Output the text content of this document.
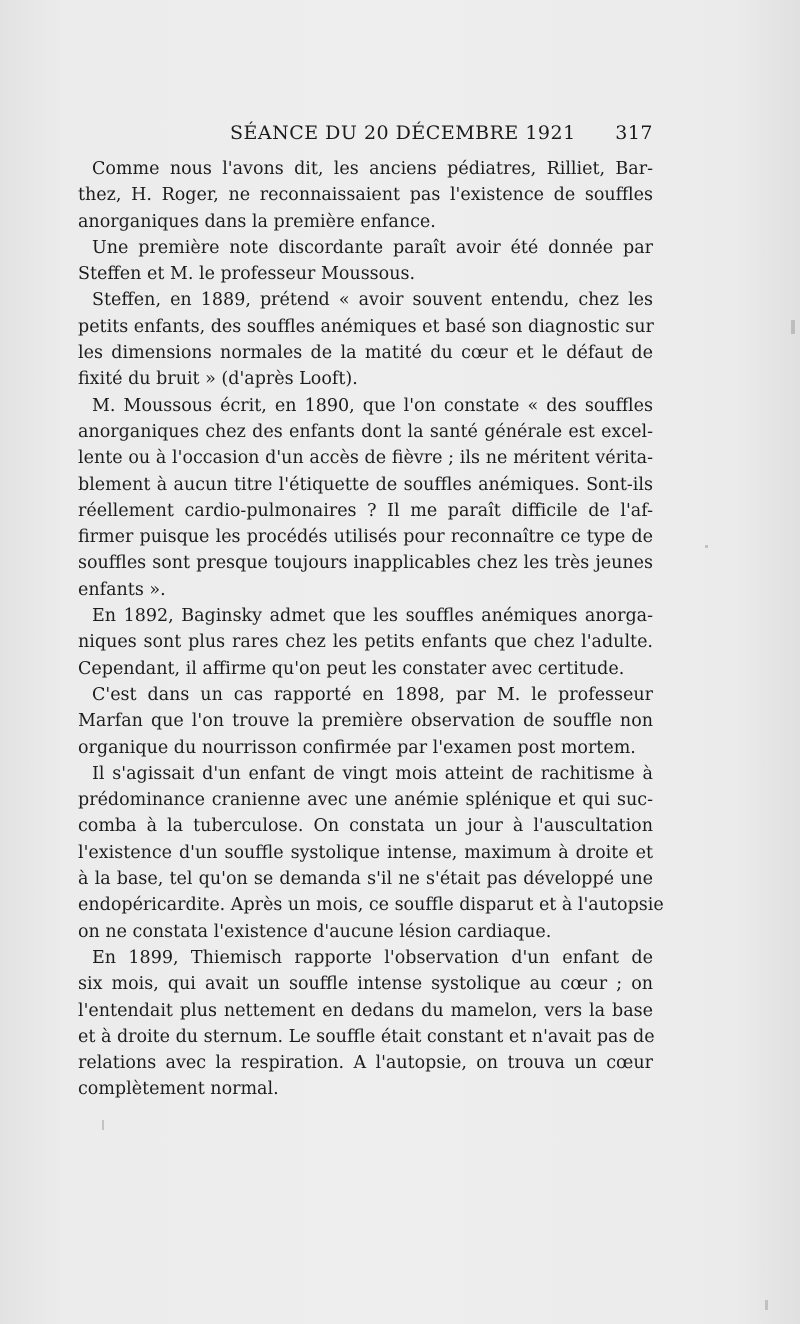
SÉANCE DU 20 DÉCEMBRE 1921 317
Comme nous l'avons dit, les anciens pédiatres, Rilliet, Bar-
thez, H. Roger, ne reconnaissaient pas l'existence de souffles
anorganiques dans la première enfance.
Une première note discordante paraît avoir été donnée par
Steffen et M. le professeur Moussous.
Steffen, en 1889, prétend « avoir souvent entendu, chez les
petits enfants, des souffles anémiques et basé son diagnostic sur
les dimensions normales de la matité du cœur et le défaut de
fixité du bruit » (d'après Looft).
M. Moussous écrit, en 1890, que l'on constate « des souffles
anorganiques chez des enfants dont la santé générale est excel-
lente ou à l'occasion d'un accès de fièvre ; ils ne méritent vérita-
blement à aucun titre l'étiquette de souffles anémiques. Sont-ils
réellement cardio-pulmonaires ? Il me paraît difficile de l'af-
firmer puisque les procédés utilisés pour reconnaître ce type de
souffles sont presque toujours inapplicables chez les très jeunes
enfants ».
En 1892, Baginsky admet que les souffles anémiques anorga-
niques sont plus rares chez les petits enfants que chez l'adulte.
Cependant, il affirme qu'on peut les constater avec certitude.
C'est dans un cas rapporté en 1898, par M. le professeur
Marfan que l'on trouve la première observation de souffle non
organique du nourrisson confirmée par l'examen post mortem.
Il s'agissait d'un enfant de vingt mois atteint de rachitisme à
prédominance cranienne avec une anémie splénique et qui suc-
comba à la tuberculose. On constata un jour à l'auscultation
l'existence d'un souffle systolique intense, maximum à droite et
à la base, tel qu'on se demanda s'il ne s'était pas développé une
endopéricardite. Après un mois, ce souffle disparut et à l'autopsie
on ne constata l'existence d'aucune lésion cardiaque.
En 1899, Thiemisch rapporte l'observation d'un enfant de
six mois, qui avait un souffle intense systolique au cœur ; on
l'entendait plus nettement en dedans du mamelon, vers la base
et à droite du sternum. Le souffle était constant et n'avait pas de
relations avec la respiration. A l'autopsie, on trouva un cœur
complètement normal.
